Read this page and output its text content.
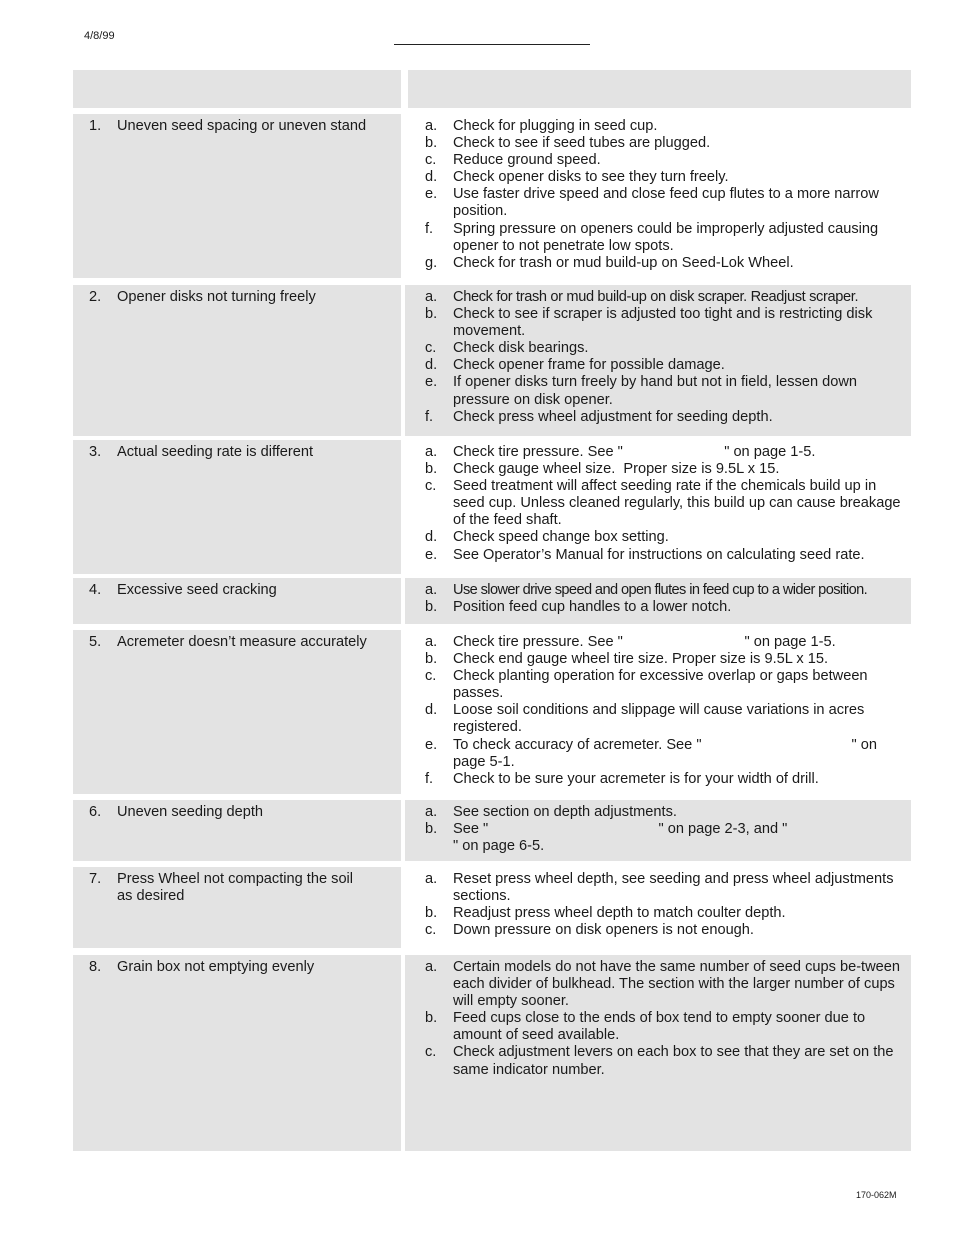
4/8/99
1. Uneven seed spacing or uneven stand	a. Check for plugging in seed cup.
b. Check to see if seed tubes are plugged.
c. Reduce ground speed.
d. Check opener disks to see they turn freely.
e. Use faster drive speed and close feed cup flutes to a more narrow position.
f. Spring pressure on openers could be improperly adjusted causing opener to not penetrate low spots.
g. Check for trash or mud build-up on Seed-Lok Wheel.
2. Opener disks not turning freely	a. Check for trash or mud build-up on disk scraper. Readjust scraper.
b. Check to see if scraper is adjusted too tight and is restricting disk movement.
c. Check disk bearings.
d. Check opener frame for possible damage.
e. If opener disks turn freely by hand but not in field, lessen down pressure on disk opener.
f. Check press wheel adjustment for seeding depth.
3. Actual seeding rate is different	a. Check tire pressure. See "                         " on page 1-5.
b. Check gauge wheel size.  Proper size is 9.5L x 15.
c. Seed treatment will affect seeding rate if the chemicals build up in seed cup. Unless cleaned regularly, this build up can cause breakage of the feed shaft.
d. Check speed change box setting.
e. See Operator’s Manual for instructions on calculating seed rate.
4. Excessive seed cracking	a. Use slower drive speed and open flutes in feed cup to a wider position.
b. Position feed cup handles to a lower notch.
5. Acremeter doesn’t measure accurately	a. Check tire pressure. See "                              " on page 1-5.
b. Check end gauge wheel tire size. Proper size is 9.5L x 15.
c. Check planting operation for excessive overlap or gaps between passes.
d. Loose soil conditions and slippage will cause variations in acres registered.
e. To check accuracy of acremeter. See "                                     " on page 5-1.
f. Check to be sure your acremeter is for your width of drill.
6. Uneven seeding depth	a. See section on depth adjustments.
b. See "                                          " on page 2-3, and "                            " on page 6-5.
7. Press Wheel not compacting the soil as desired
a. Reset press wheel depth, see seeding and press wheel adjustments sections.
b. Readjust press wheel depth to match coulter depth.
c. Down pressure on disk openers is not enough.
8. Grain box not emptying evenly	a. Certain models do not have the same number of seed cups be-tween each divider of bulkhead. The section with the larger number of cups will empty sooner.
b. Feed cups close to the ends of box tend to empty sooner due to amount of seed available.
c. Check adjustment levers on each box to see that they are set on the same indicator number.
170-062M
